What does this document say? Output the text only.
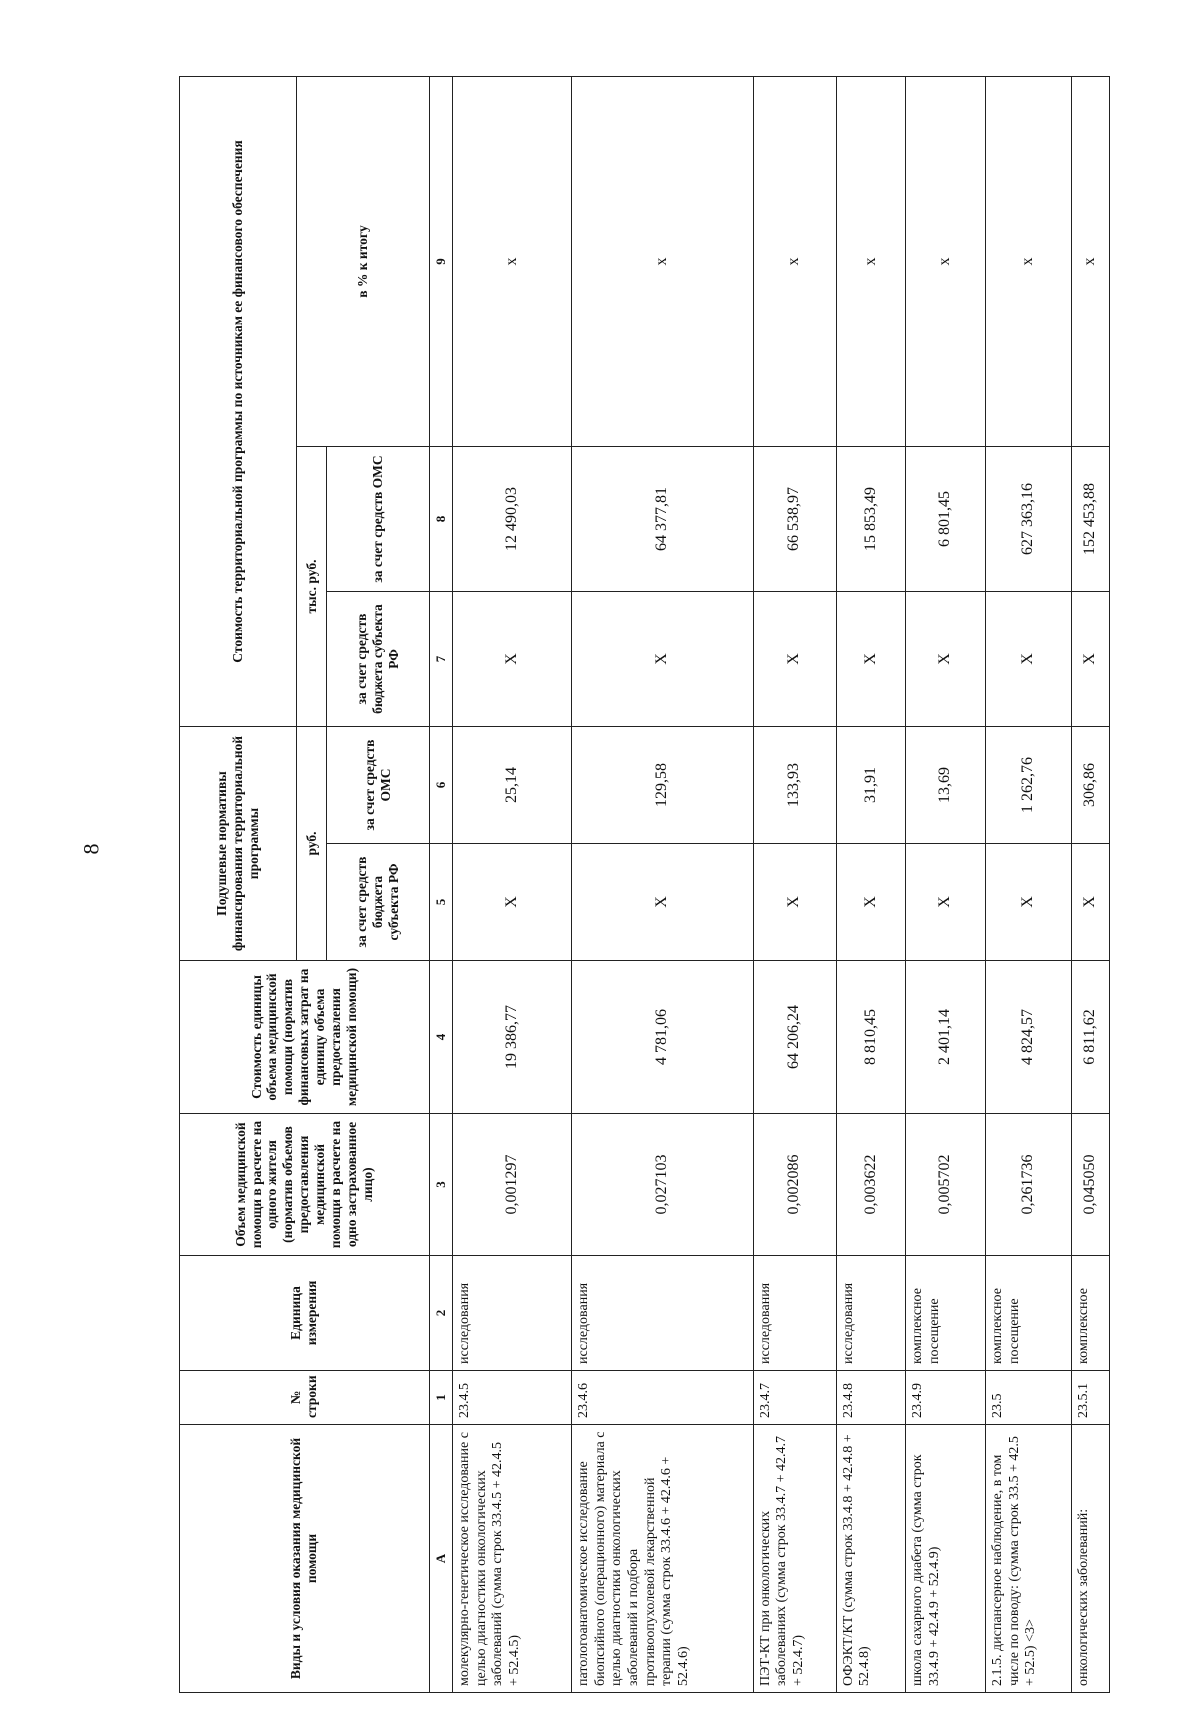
8
Виды и условия оказания медицинской помощи	№ строки	Единица измерения	Объем медицинской помощи в расчете на одного жителя (норматив объемов предоставления медицинской помощи в расчете на одно застрахованное лицо)	Стоимость единицы объема медицинской помощи (норматив финансовых затрат на единицу объема предоставления медицинской помощи)	Подушевые нормативы финансирования территориальной программы		Стоимость территориальной программы по источникам ее финансового обеспечения		
					руб.		тыс. руб.		в % к итогу
					за счет средств бюджета субъекта РФ	за счет средств ОМС	за счет средств бюджета субъекта РФ	за счет средств ОМС	
А	1	2	3	4	5	6	7	8	9
молекулярно-генетическое исследование с целью диагностики онкологических заболеваний (сумма строк 33.4.5 + 42.4.5 + 52.4.5)	23.4.5	исследования	0,001297	19 386,77	Х	25,14	Х	12 490,03	х
патологоанатомическое исследование биопсийного (операционного) материала с целью диагностики онкологических заболеваний и подбора противоопухолевой лекарственной терапии (сумма строк 33.4.6 + 42.4.6 + 52.4.6)	23.4.6	исследования	0,027103	4 781,06	Х	129,58	Х	64 377,81	х
ПЭТ-КТ при онкологических заболеваниях (сумма строк 33.4.7 + 42.4.7 + 52.4.7)	23.4.7	исследования	0,002086	64 206,24	Х	133,93	Х	66 538,97	х
ОФЭКТ/КТ (сумма строк 33.4.8 + 42.4.8 + 52.4.8)	23.4.8	исследования	0,003622	8 810,45	Х	31,91	Х	15 853,49	х
школа сахарного диабета (сумма строк 33.4.9 + 42.4.9 + 52.4.9)	23.4.9	комплексное посещение	0,005702	2 401,14	Х	13,69	Х	6 801,45	х
2.1.5. диспансерное наблюдение, в том числе по поводу: (сумма строк 33.5 + 42.5 + 52.5) <3>	23.5	комплексное посещение	0,261736	4 824,57	Х	1 262,76	Х	627 363,16	х
онкологических заболеваний:	23.5.1	комплексное	0,045050	6 811,62	Х	306,86	Х	152 453,88	х
